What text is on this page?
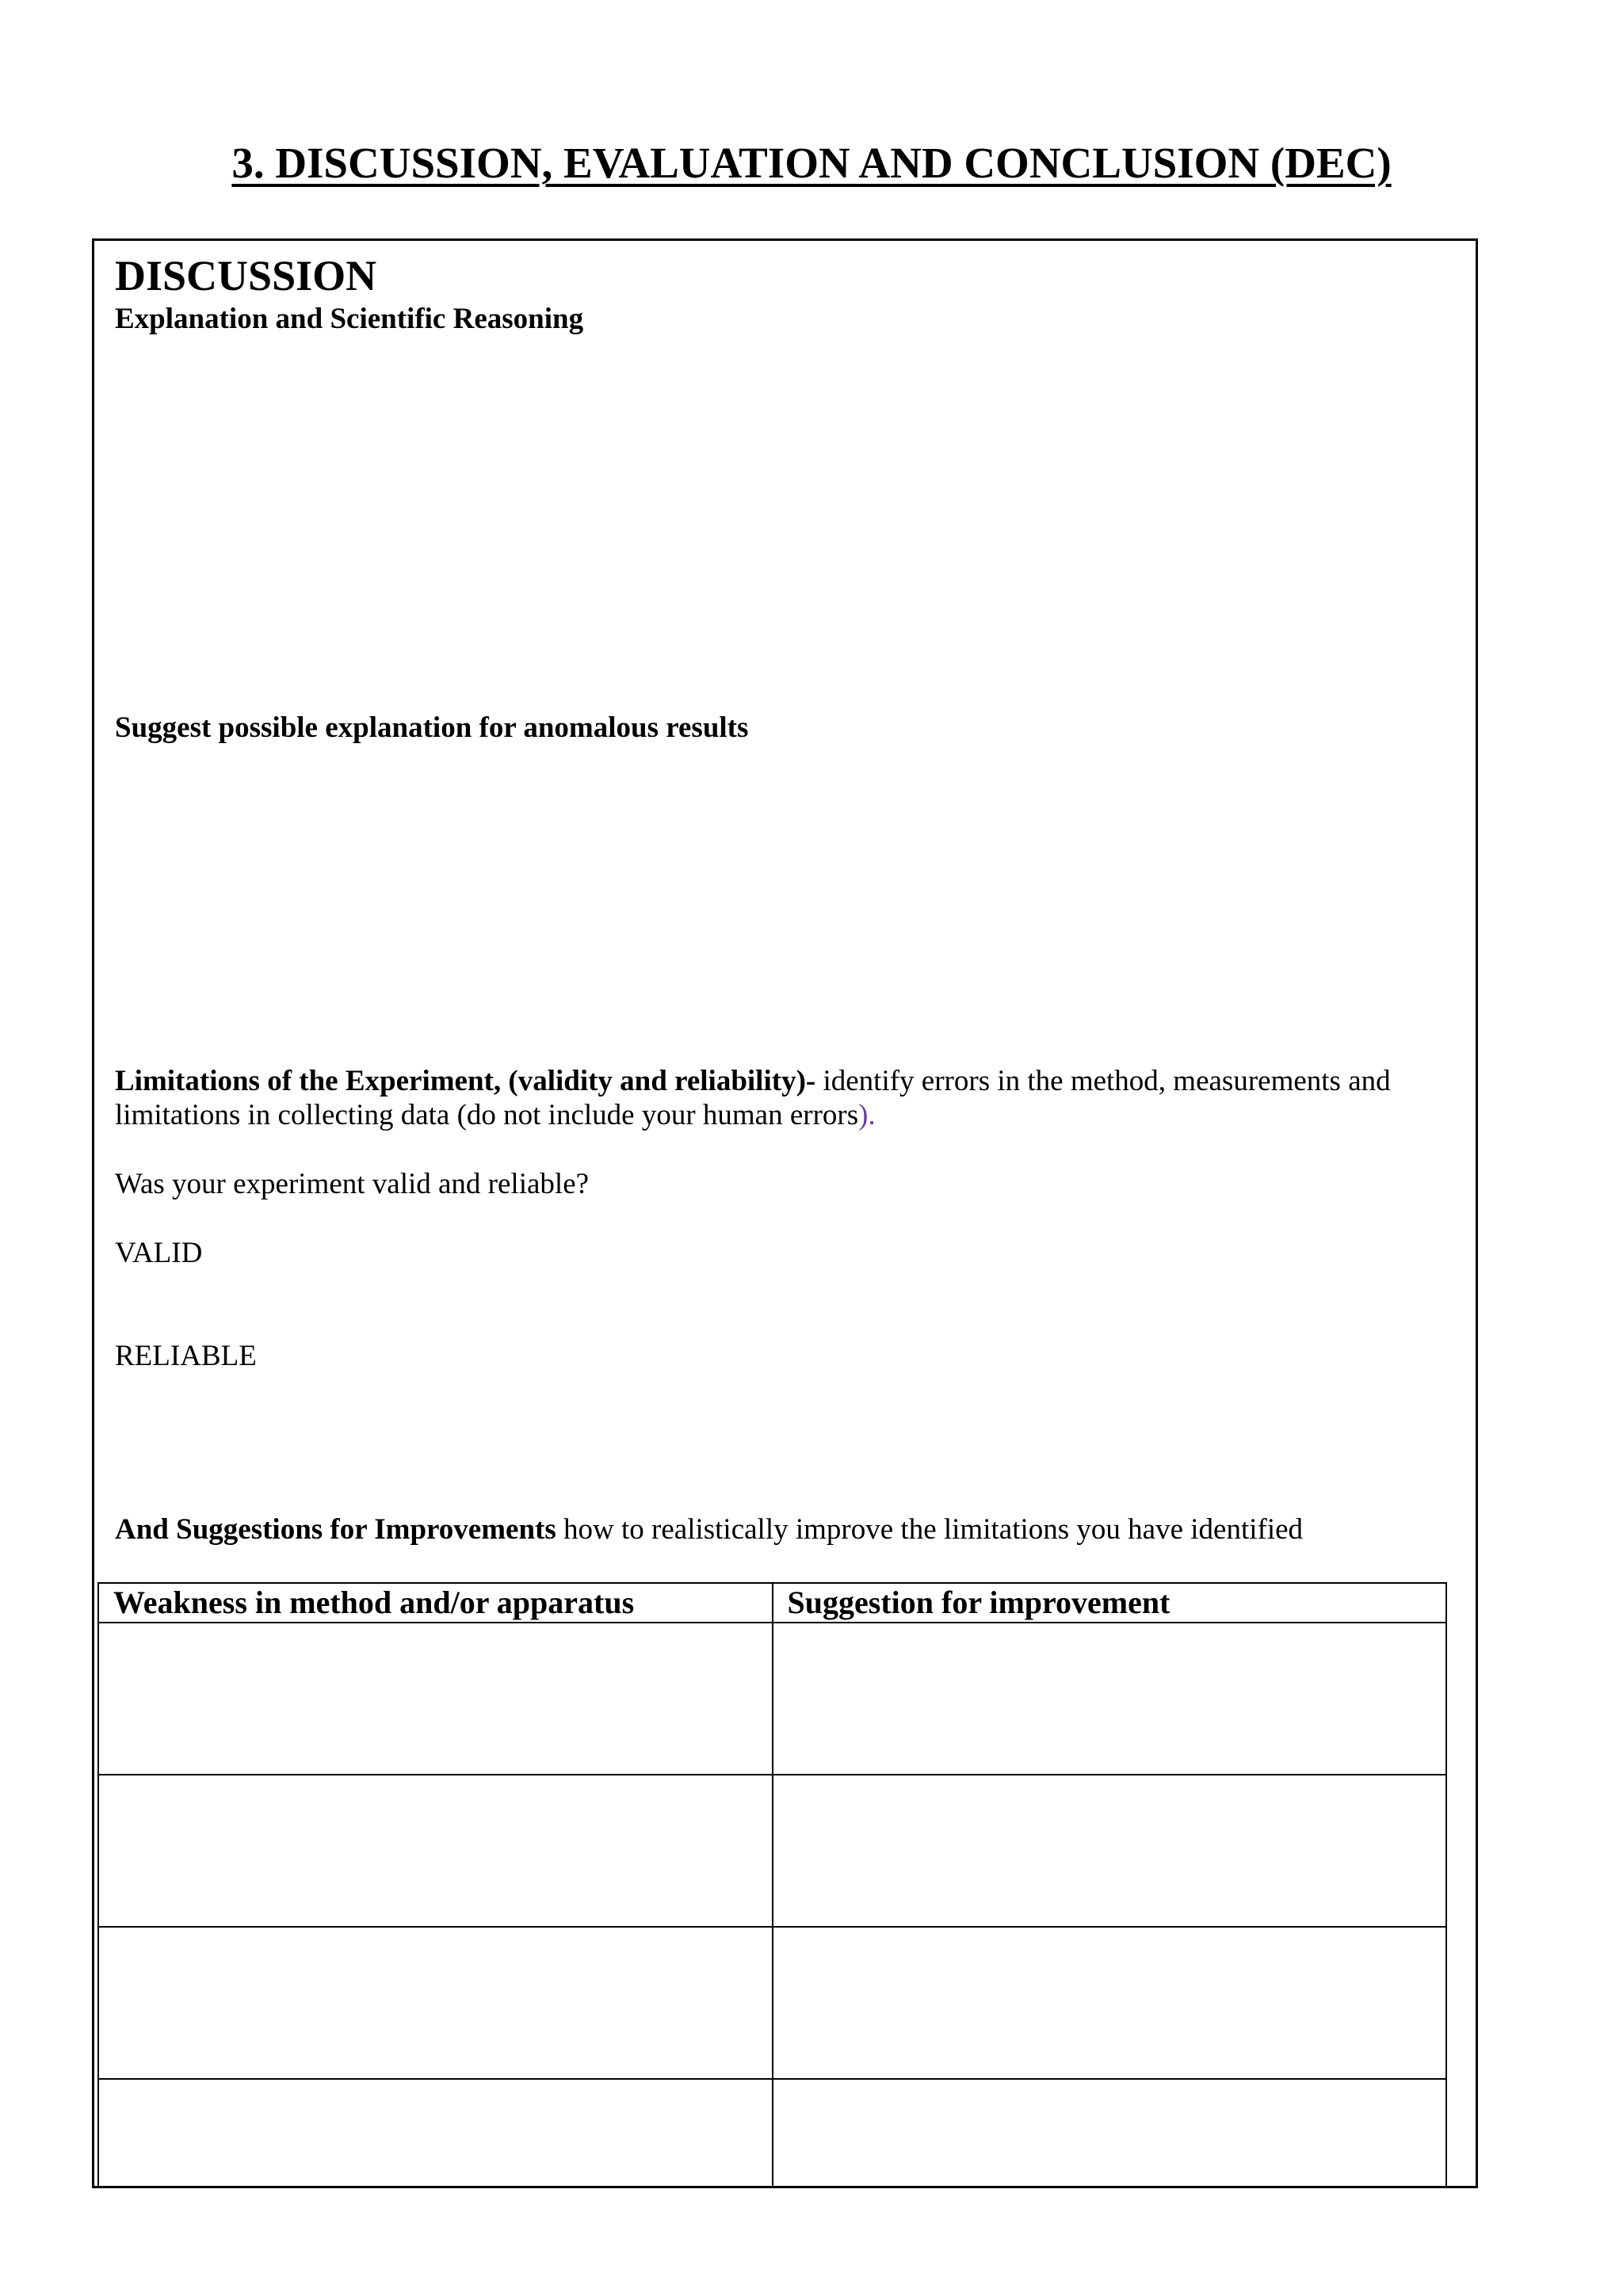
3. DISCUSSION, EVALUATION AND CONCLUSION (DEC)

DISCUSSION

Explanation and Scientific Reasoning

Suggest possible explanation for anomalous results

Limitations of the Experiment, (validity and reliability)- identify errors in the method, measurements and

limitations in collecting data (do not include your human errors).

Was your experiment valid and reliable?

VALID

RELIABLE

And Suggestions for Improvements how to realistically improve the limitations you have identified

Weakness in method and/or apparatus	Suggestion for improvement
